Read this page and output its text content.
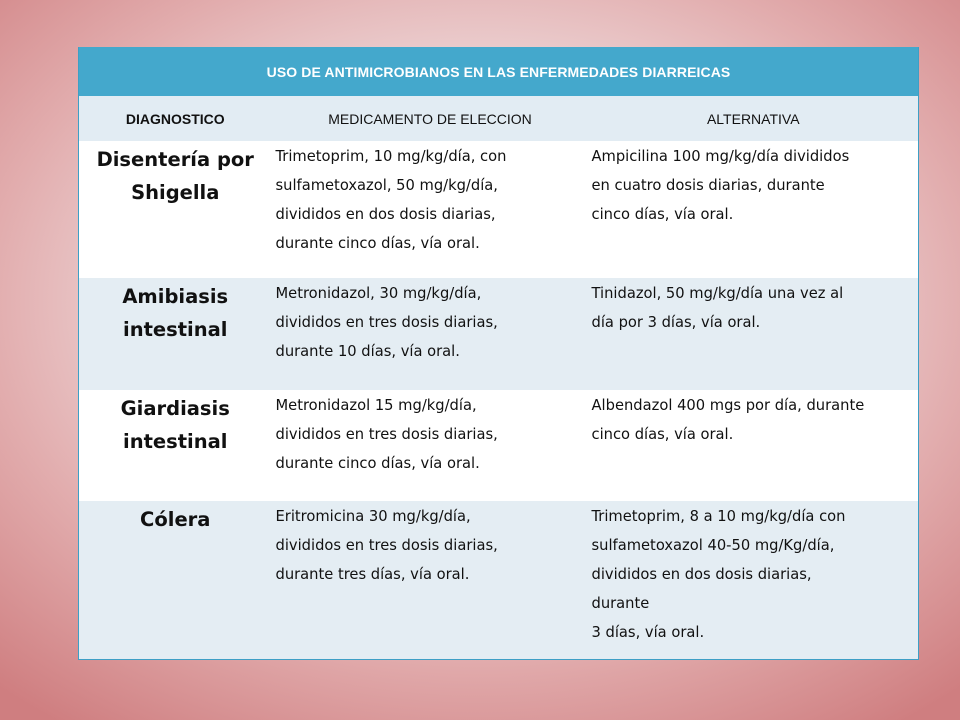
USO DE ANTIMICROBIANOS EN LAS ENFERMEDADES DIARREICAS		
DIAGNOSTICO	MEDICAMENTO DE ELECCION	ALTERNATIVA

Disentería por
Shigella	Trimetoprim, 10 mg/kg/día, con
sulfametoxazol, 50 mg/kg/día,
divididos en dos dosis diarias,
durante cinco días, vía oral.	Ampicilina 100 mg/kg/día divididos
en cuatro dosis diarias, durante
cinco días, vía oral.

Amibiasis
intestinal	Metronidazol, 30 mg/kg/día,
divididos en tres dosis diarias,
durante 10 días, vía oral.	Tinidazol, 50 mg/kg/día una vez al
día por 3 días, vía oral.

Giardiasis
intestinal	Metronidazol 15 mg/kg/día,
divididos en tres dosis diarias,
durante cinco días, vía oral.	Albendazol 400 mgs por día, durante
cinco días, vía oral.

Cólera	Eritromicina 30 mg/kg/día,
divididos en tres dosis diarias,
durante tres días, vía oral.	Trimetoprim, 8 a 10 mg/kg/día con
sulfametoxazol 40-50 mg/Kg/día,
divididos en dos dosis diarias,
durante
3 días, vía oral.
